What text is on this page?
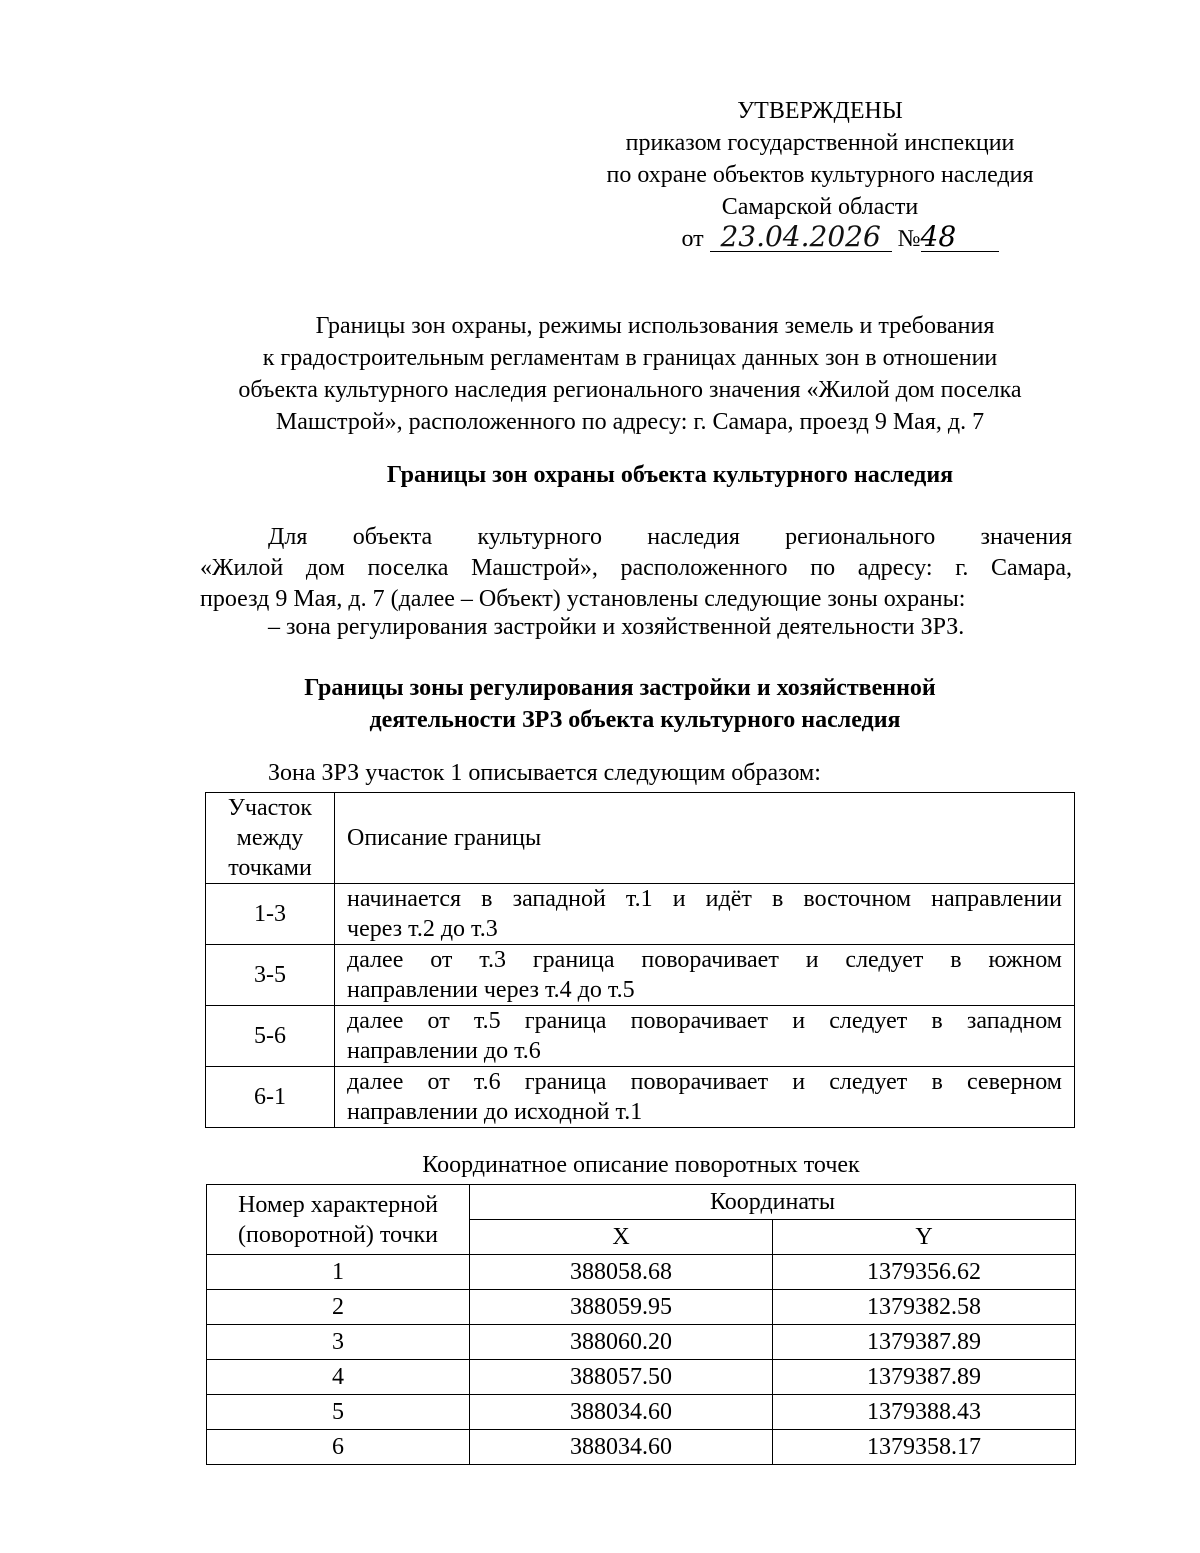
УТВЕРЖДЕНЫ
приказом государственной инспекции
по охране объектов культурного наследия
Самарской области
от 23.04.2026 №48
Границы зон охраны, режимы использования земель и требования
к градостроительным регламентам в границах данных зон в отношении
объекта культурного наследия регионального значения «Жилой дом поселка
Машстрой», расположенного по адресу: г. Самара, проезд 9 Мая, д. 7
Границы зон охраны объекта культурного наследия
Для объекта культурного наследия регионального значения
«Жилой дом поселка Машстрой», расположенного по адресу: г. Самара,
проезд 9 Мая, д. 7 (далее – Объект) установлены следующие зоны охраны:
– зона регулирования застройки и хозяйственной деятельности ЗРЗ.
Границы зоны регулирования застройки и хозяйственной
деятельности ЗРЗ объекта культурного наследия
Зона ЗРЗ участок 1 описывается следующим образом:
Участок
между
точками	Описание границы
1-3	начинается в западной т.1 и идёт в восточном направлении
через т.2 до т.3

3-5	далее от т.3 граница поворачивает и следует в южном
направлении через т.4 до т.5

5-6	далее от т.5 граница поворачивает и следует в западном
направлении до т.6

6-1	далее от т.6 граница поворачивает и следует в северном
направлении до исходной т.1
Координатное описание поворотных точек
Номер характерной
(поворотной) точки	Координаты	
	X	Y
1	388058.68	1379356.62
2	388059.95	1379382.58
3	388060.20	1379387.89
4	388057.50	1379387.89
5	388034.60	1379388.43
6	388034.60	1379358.17
